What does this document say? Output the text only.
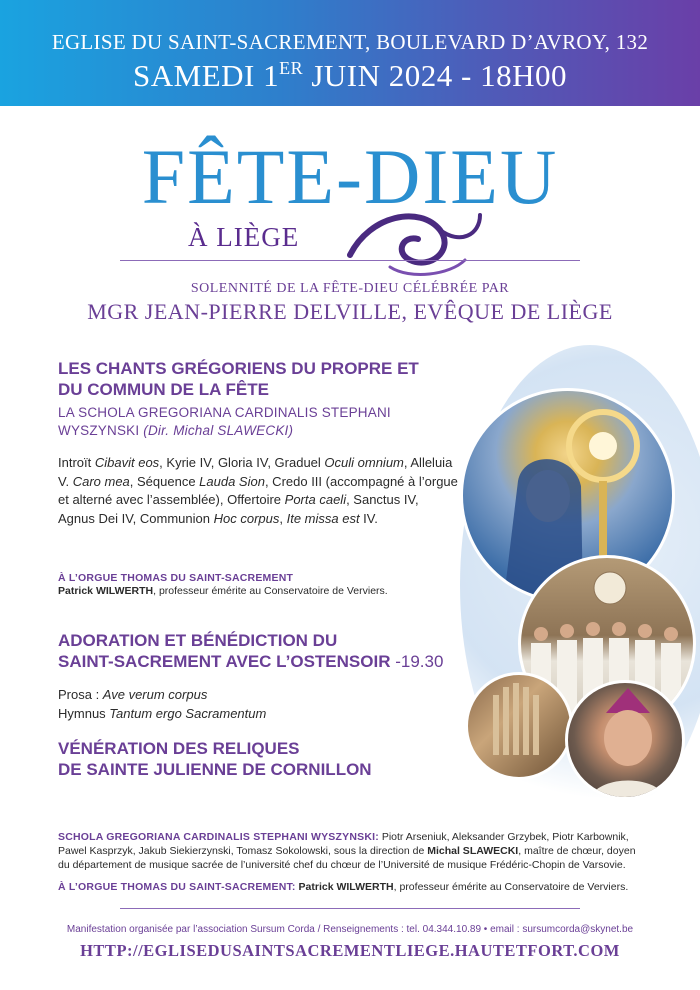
EGLISE DU SAINT-SACREMENT, BOULEVARD D’AVROY, 132
SAMEDI 1ER JUIN 2024 - 18H00
FÊTE-DIEU
À LIÈGE
SOLENNITÉ DE LA FÊTE-DIEU CÉLÉBRÉE PAR
MGR JEAN-PIERRE DELVILLE, EVÊQUE DE LIÈGE
LES CHANTS GRÉGORIENS DU PROPRE ET
DU COMMUN DE LA FÊTE
LA SCHOLA GREGORIANA CARDINALIS STEPHANI
WYSZYNSKI (Dir. Michal SLAWECKI)
Introït Cibavit eos, Kyrie IV, Gloria IV, Graduel Oculi omnium, Alleluia V. Caro mea, Séquence Lauda Sion, Credo III (accompagné à l’orgue et alterné avec l’assemblée), Offertoire Porta caeli, Sanctus IV, Agnus Dei IV, Communion Hoc corpus, Ite missa est IV.
À L’ORGUE THOMAS DU SAINT-SACREMENT
Patrick WILWERTH, professeur émérite au Conservatoire de Verviers.
ADORATION ET BÉNÉDICTION DU
SAINT-SACREMENT AVEC L’OSTENSOIR -19.30
Prosa : Ave verum corpus
Hymnus Tantum ergo Sacramentum
VÉNÉRATION DES RELIQUES
DE SAINTE JULIENNE DE CORNILLON
SCHOLA GREGORIANA CARDINALIS STEPHANI WYSZYNSKI: Piotr Arseniuk, Aleksander Grzybek, Piotr Karbownik, Pawel Kasprzyk, Jakub Siekierzynski, Tomasz Sokolowski, sous la direction de Michal SLAWECKI, maître de chœur, doyen du département de musique sacrée de l’université chef du chœur de l’Université de musique Frédéric-Chopin de Varsovie.
À L’ORGUE THOMAS DU SAINT-SACREMENT: Patrick WILWERTH, professeur émérite au Conservatoire de Verviers.
Manifestation organisée par l’association Sursum Corda / Renseignements : tel. 04.344.10.89 • email : sursumcorda@skynet.be
HTTP://EGLISEDUSAINTSACREMENTLIEGE.HAUTETFORT.COM
